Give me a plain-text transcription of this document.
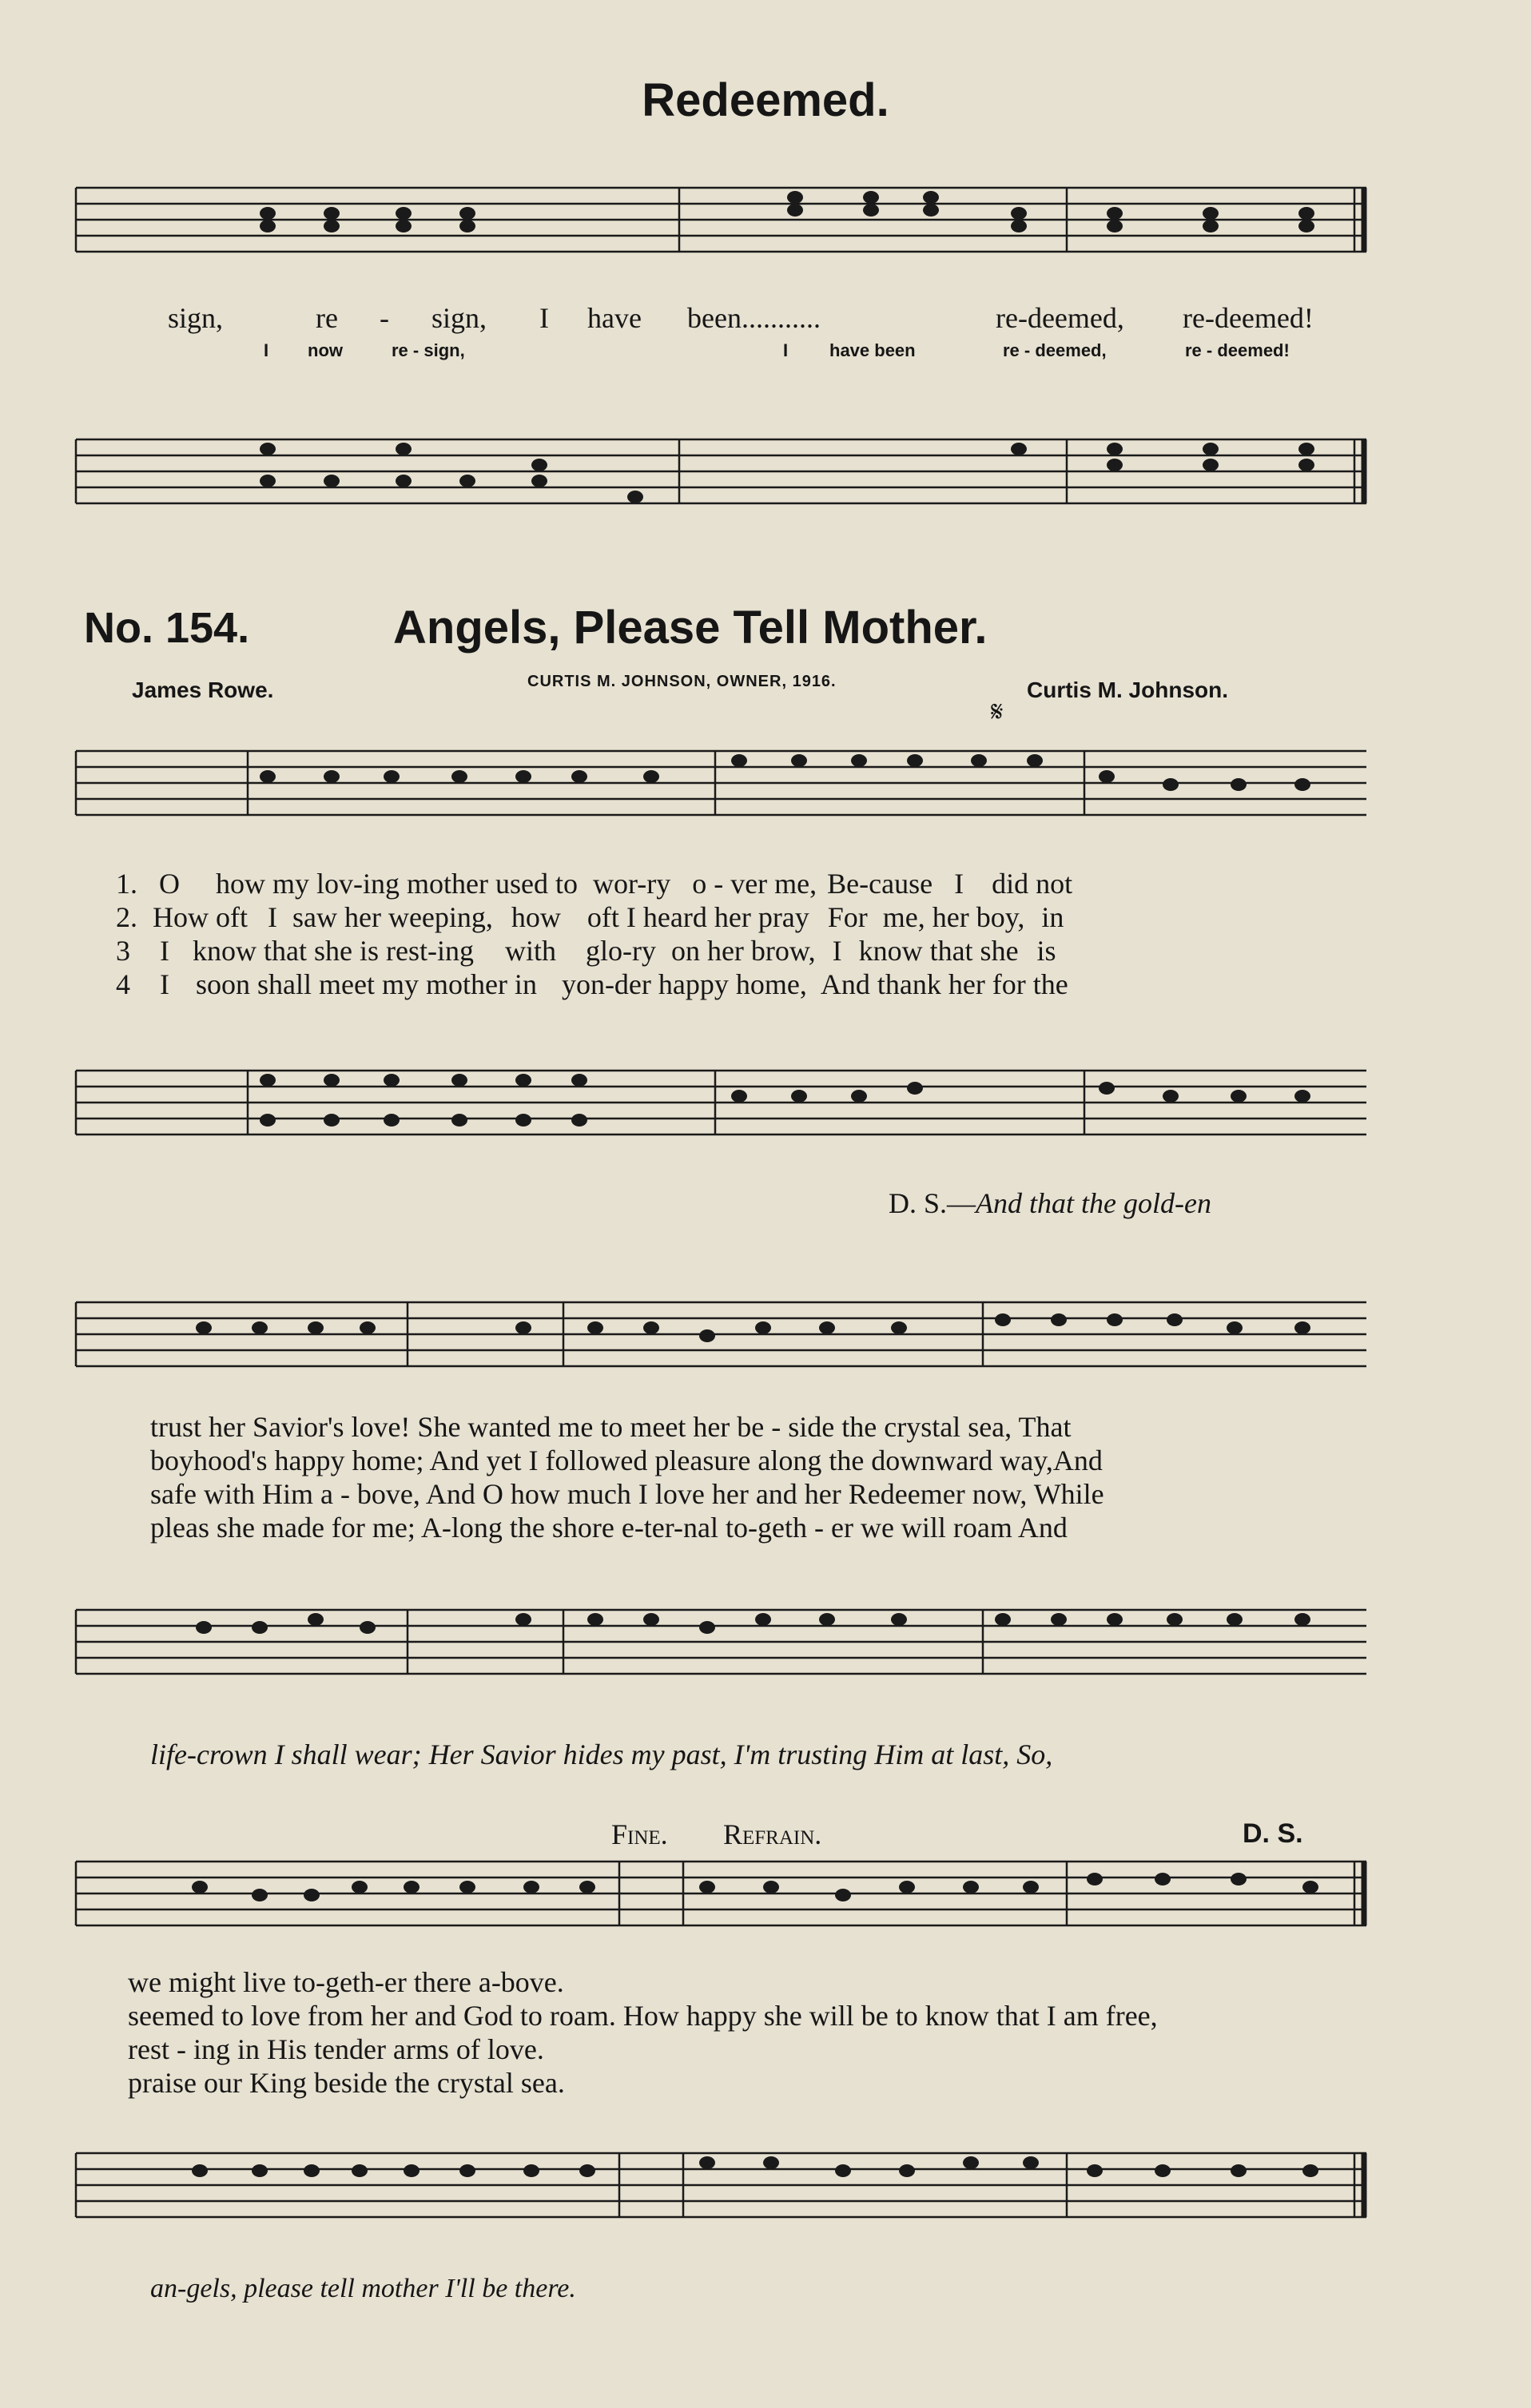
Redeemed.
sign,	re - sign, I have been...........	re-deemed, re-deemed!
I now	re - sign,	I have been	re - deemed,	re - deemed!
No. 154.	Angels, Please Tell Mother.
James Rowe.	CURTIS M. JOHNSON, OWNER, 1916.	Curtis M. Johnson.
𝄋
1. O how my lov-ing mother used to wor-ry o - ver me, Be-cause I did not
2. How oft I saw her weeping, how oft I heard her pray For me, her boy, in
3 I know that she is rest-ing with glo-ry on her brow, I know that she is
4 I soon shall meet my mother in yon-der happy home, And thank her for the
D. S.—And that the gold-en
trust her Savior's love! She wanted me to meet her be - side the crystal sea, That
boyhood's happy home; And yet I followed pleasure along the downward way,And
safe with Him a - bove, And O how much I love her and her Redeemer now, While
pleas she made for me; A-long the shore e-ter-nal to-geth - er we will roam And
life-crown I shall wear; Her Savior hides my past, I'm trusting Him at last, So,
Fine. Refrain.	D. S.
we might live to-geth-er there a-bove.
seemed to love from her and God to roam. How happy she will be to know that I am free,
rest - ing in His tender arms of love.
praise our King beside the crystal sea.
an-gels, please tell mother I'll be there.
